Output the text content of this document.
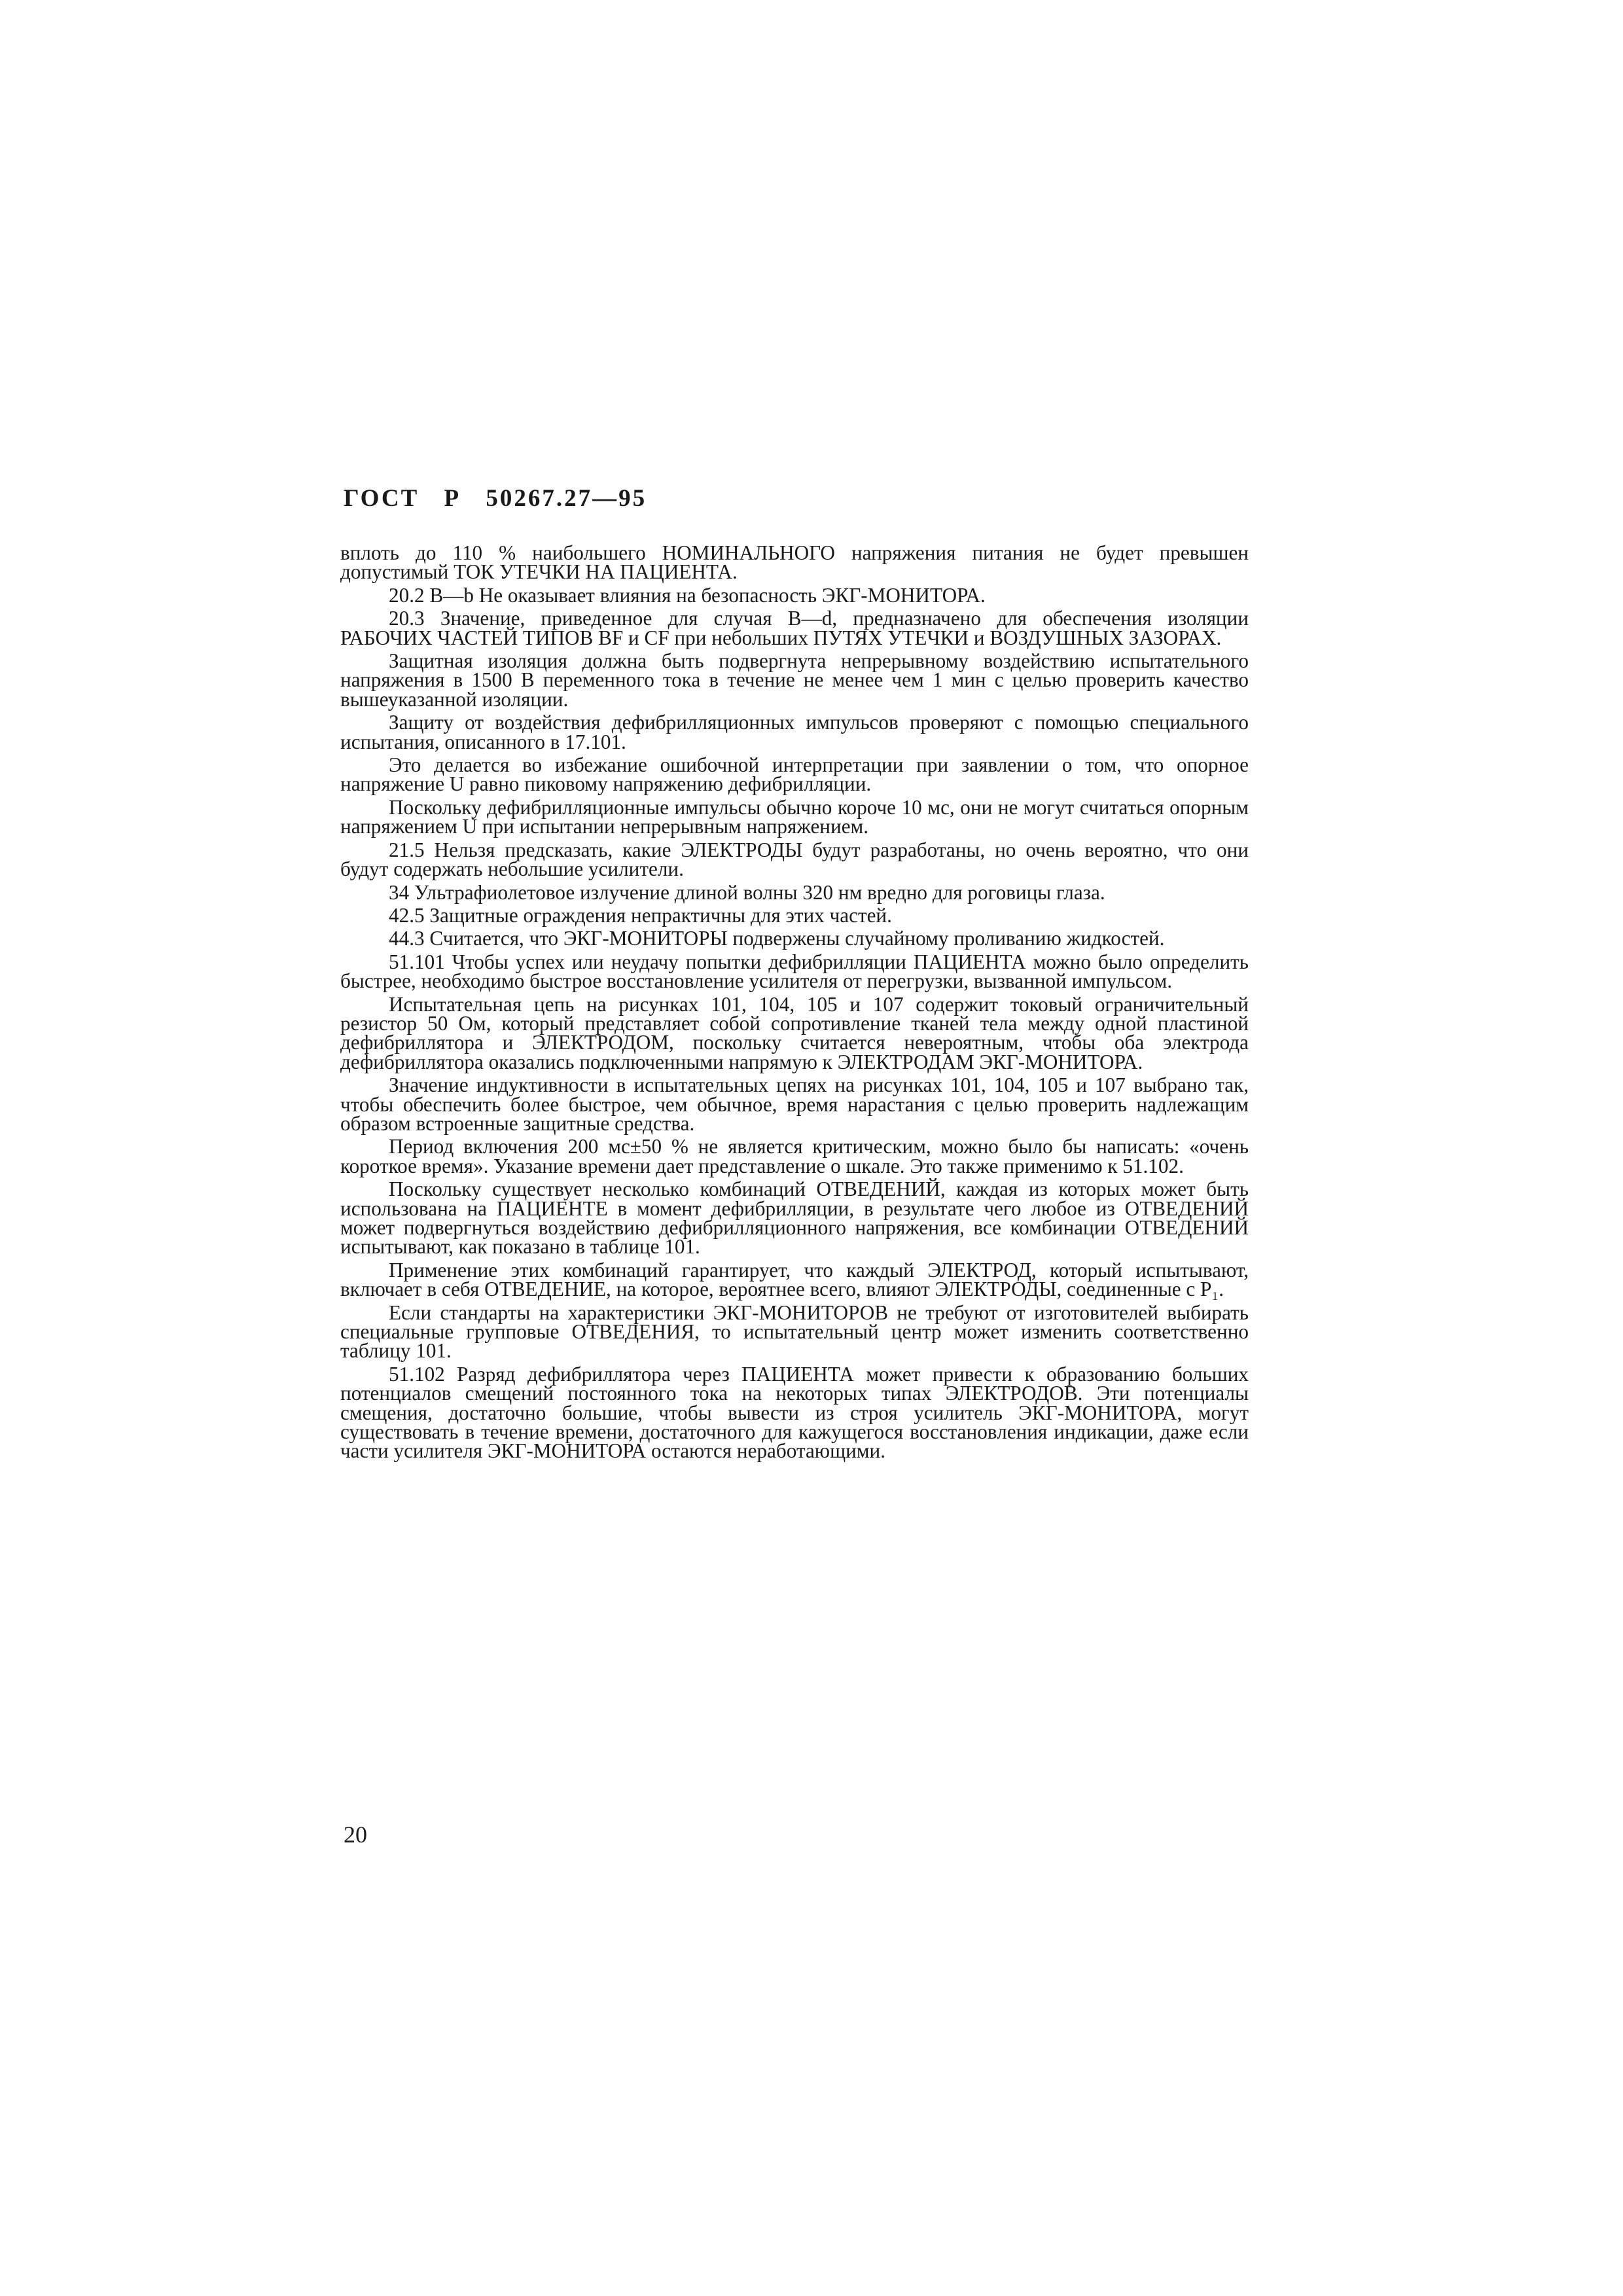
ГОСТ Р 50267.27—95

вплоть до 110 % наибольшего НОМИНАЛЬНОГО напряжения питания не будет превышен допустимый ТОК УТЕЧКИ НА ПАЦИЕНТА.

20.2 В—b Не оказывает влияния на безопасность ЭКГ-МОНИТОРА.

20.3 Значение, приведенное для случая В—d, предназначено для обеспечения изоляции РАБОЧИХ ЧАСТЕЙ ТИПОВ BF и CF при небольших ПУТЯХ УТЕЧКИ и ВОЗДУШНЫХ ЗАЗОРАХ.

Защитная изоляция должна быть подвергнута непрерывному воздействию испытательного напряжения в 1500 В переменного тока в течение не менее чем 1 мин с целью проверить качество вышеуказанной изоляции.

Защиту от воздействия дефибрилляционных импульсов проверяют с помощью специального испытания, описанного в 17.101.

Это делается во избежание ошибочной интерпретации при заявлении о том, что опорное напряжение U равно пиковому напряжению дефибрилляции.

Поскольку дефибрилляционные импульсы обычно короче 10 мс, они не могут считаться опорным напряжением U при испытании непрерывным напряжением.

21.5 Нельзя предсказать, какие ЭЛЕКТРОДЫ будут разработаны, но очень вероятно, что они будут содержать небольшие усилители.

34 Ультрафиолетовое излучение длиной волны 320 нм вредно для роговицы глаза.

42.5 Защитные ограждения непрактичны для этих частей.

44.3 Считается, что ЭКГ-МОНИТОРЫ подвержены случайному проливанию жидкостей.

51.101 Чтобы успех или неудачу попытки дефибрилляции ПАЦИЕНТА можно было определить быстрее, необходимо быстрое восстановление усилителя от перегрузки, вызванной импульсом.

Испытательная цепь на рисунках 101, 104, 105 и 107 содержит токовый ограничительный резистор 50 Ом, который представляет собой сопротивление тканей тела между одной пластиной дефибриллятора и ЭЛЕКТРОДОМ, поскольку считается невероятным, чтобы оба электрода дефибриллятора оказались подключенными напрямую к ЭЛЕКТРОДАМ ЭКГ-МОНИТОРА.

Значение индуктивности в испытательных цепях на рисунках 101, 104, 105 и 107 выбрано так, чтобы обеспечить более быстрое, чем обычное, время нарастания с целью проверить надлежащим образом встроенные защитные средства.

Период включения 200 мс±50 % не является критическим, можно было бы написать: «очень короткое время». Указание времени дает представление о шкале. Это также применимо к 51.102.

Поскольку существует несколько комбинаций ОТВЕДЕНИЙ, каждая из которых может быть использована на ПАЦИЕНТЕ в момент дефибрилляции, в результате чего любое из ОТВЕДЕНИЙ может подвергнуться воздействию дефибрилляционного напряжения, все комбинации ОТВЕДЕНИЙ испытывают, как показано в таблице 101.

Применение этих комбинаций гарантирует, что каждый ЭЛЕКТРОД, который испытывают, включает в себя ОТВЕДЕНИЕ, на которое, вероятнее всего, влияют ЭЛЕКТРОДЫ, соединенные с P₁.

Если стандарты на характеристики ЭКГ-МОНИТОРОВ не требуют от изготовителей выбирать специальные групповые ОТВЕДЕНИЯ, то испытательный центр может изменить соответственно таблицу 101.

51.102 Разряд дефибриллятора через ПАЦИЕНТА может привести к образованию больших потенциалов смещений постоянного тока на некоторых типах ЭЛЕКТРОДОВ. Эти потенциалы смещения, достаточно большие, чтобы вывести из строя усилитель ЭКГ-МОНИТОРА, могут существовать в течение времени, достаточного для кажущегося восстановления индикации, даже если части усилителя ЭКГ-МОНИТОРА остаются неработающими.

20
